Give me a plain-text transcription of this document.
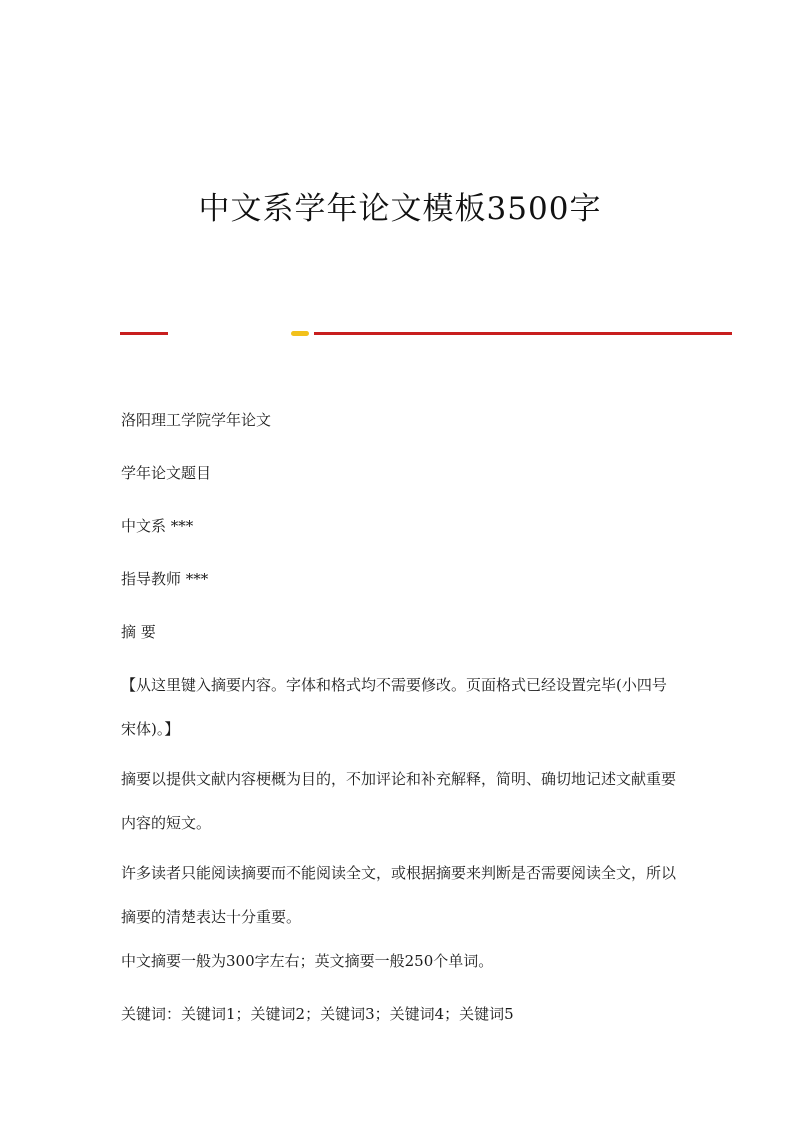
中文系学年论文模板3500字

洛阳理工学院学年论文

学年论文题目

中文系 ***

指导教师 ***

摘 要

【从这里键入摘要内容。字体和格式均不需要修改。页面格式已经设置完毕(小四号宋体)。】

摘要以提供文献内容梗概为目的，不加评论和补充解释，简明、确切地记述文献重要内容的短文。

许多读者只能阅读摘要而不能阅读全文，或根据摘要来判断是否需要阅读全文，所以摘要的清楚表达十分重要。

中文摘要一般为300字左右；英文摘要一般250个单词。

关键词：关键词1；关键词2；关键词3；关键词4；关键词5
